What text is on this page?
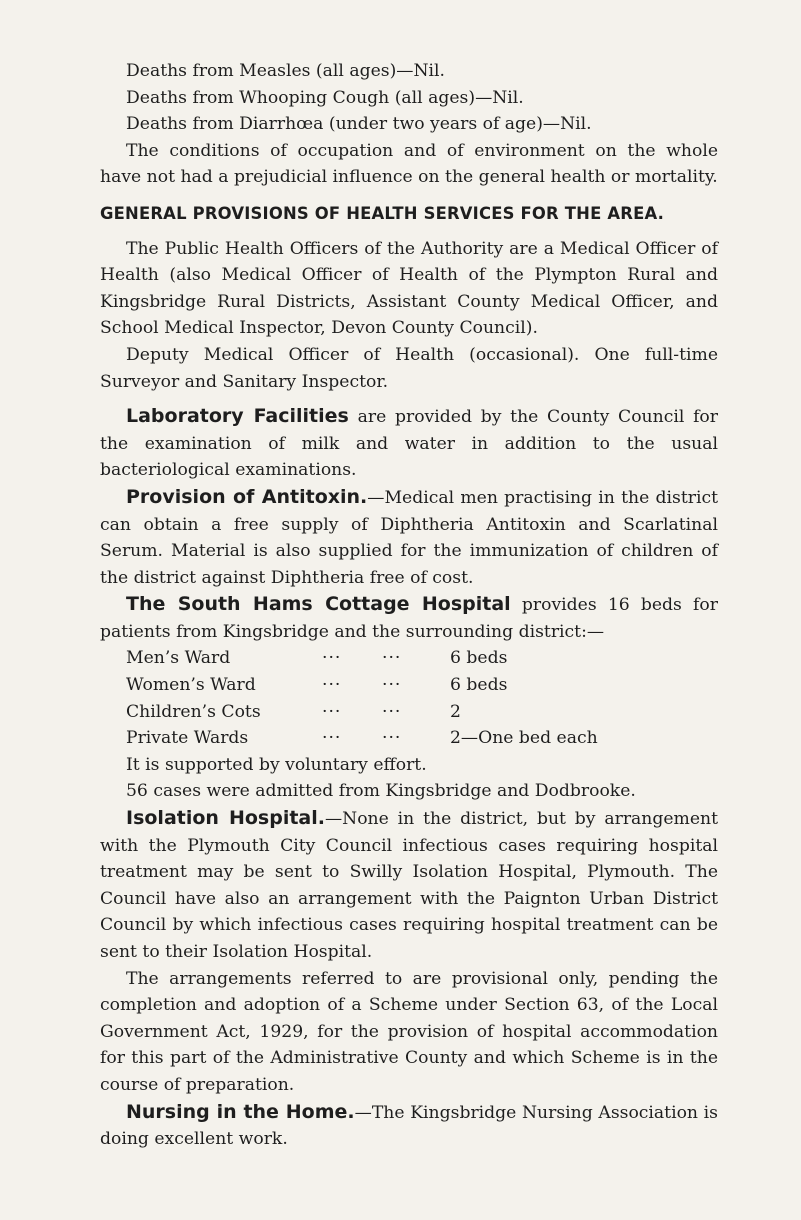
Deaths from Measles (all ages)—Nil.

Deaths from Whooping Cough (all ages)—Nil.

Deaths from Diarrhœa (under two years of age)—Nil.

The conditions of occupation and of environment on the whole have not had a prejudicial influence on the general health or mortality.

GENERAL PROVISIONS OF HEALTH SERVICES FOR THE AREA.

The Public Health Officers of the Authority are a Medical Officer of Health (also Medical Officer of Health of the Plympton Rural and Kingsbridge Rural Districts, Assistant County Medical Officer, and School Medical Inspector, Devon County Council).

Deputy Medical Officer of Health (occasional). One full-time Surveyor and Sanitary Inspector.

Laboratory Facilities are provided by the County Council for the examination of milk and water in addition to the usual bacteriological examinations.

Provision of Antitoxin.—Medical men practising in the district can obtain a free supply of Diphtheria Antitoxin and Scarlatinal Serum. Material is also supplied for the immunization of children of the district against Diphtheria free of cost.

The South Hams Cottage Hospital provides 16 beds for patients from Kingsbridge and the surrounding district:—

Men’s Ward	···	···	6 beds
Women’s Ward	···	···	6 beds
Children’s Cots	···	···	2
Private Wards	···	···	2—One bed each

It is supported by voluntary effort.

56 cases were admitted from Kingsbridge and Dodbrooke.

Isolation Hospital.—None in the district, but by arrangement with the Plymouth City Council infectious cases requiring hospital treatment may be sent to Swilly Isolation Hospital, Plymouth. The Council have also an arrangement with the Paignton Urban District Council by which infectious cases requiring hospital treatment can be sent to their Isolation Hospital.

The arrangements referred to are provisional only, pending the completion and adoption of a Scheme under Section 63, of the Local Government Act, 1929, for the provision of hospital accommodation for this part of the Administrative County and which Scheme is in the course of preparation.

Nursing in the Home.—The Kingsbridge Nursing Association is doing excellent work.
